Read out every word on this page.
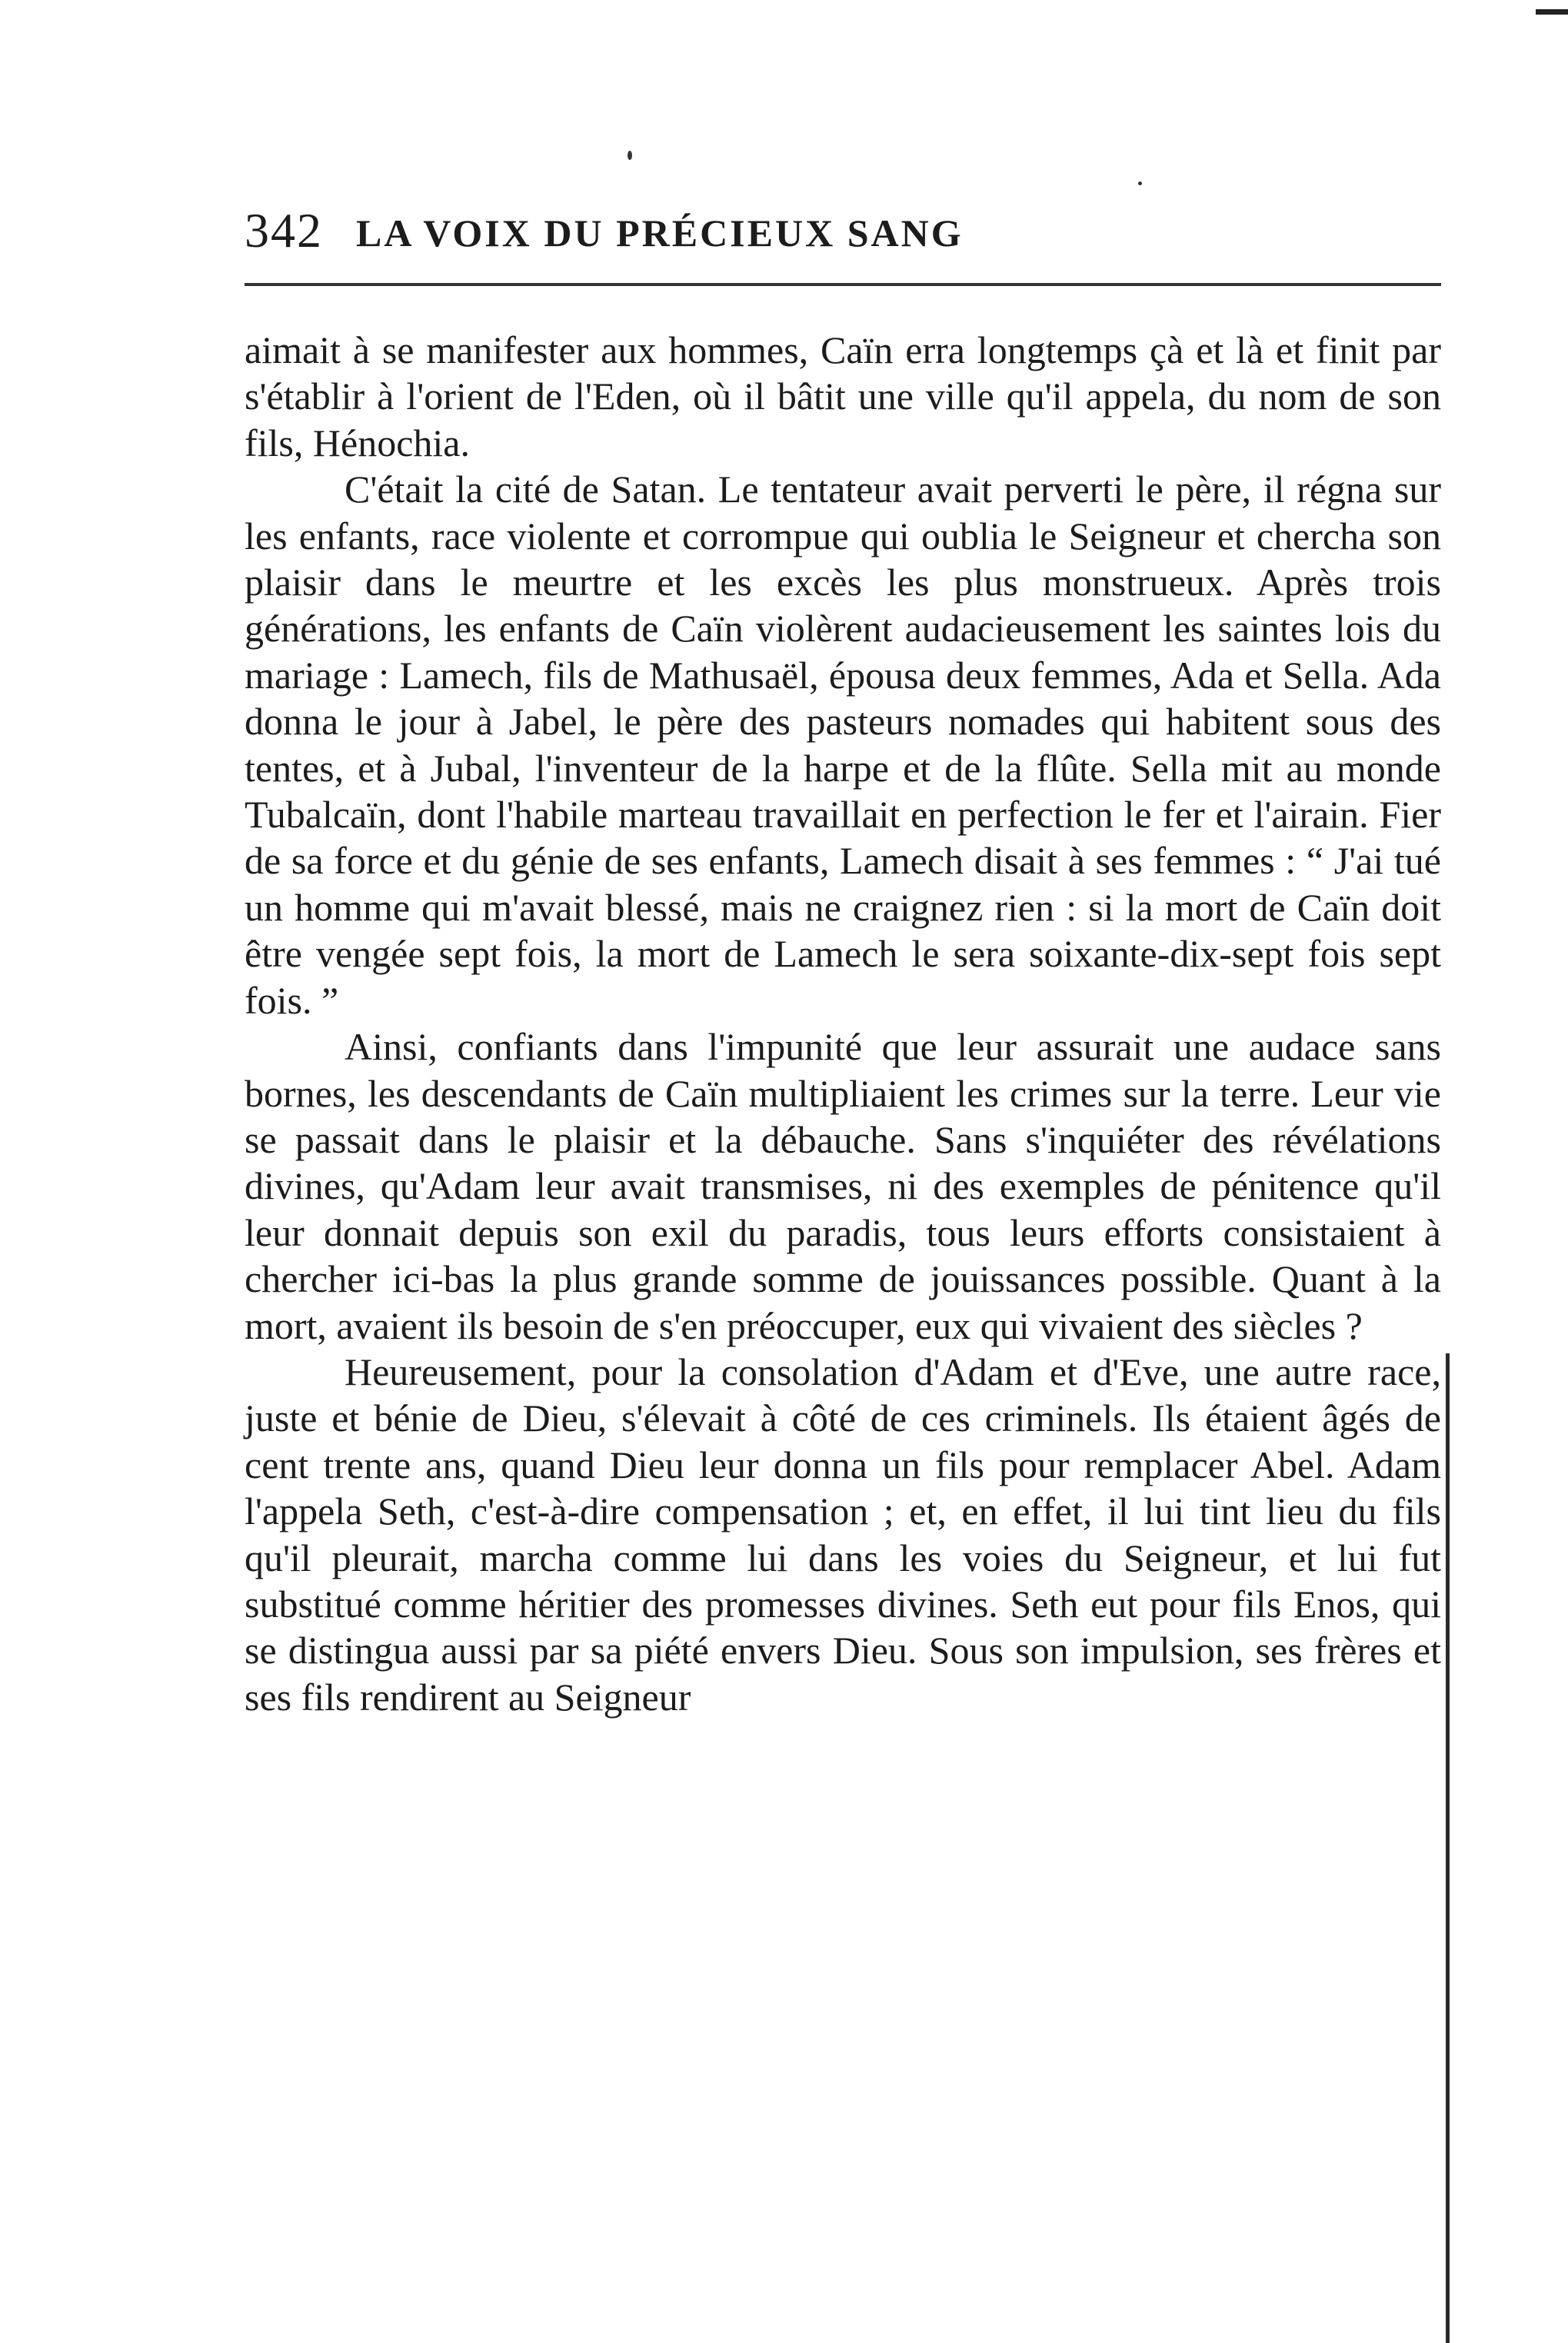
342 LA VOIX DU PRÉCIEUX SANG

aimait à se manifester aux hommes, Caïn erra longtemps çà et là et finit par s'établir à l'orient de l'Eden, où il bâtit une ville qu'il appela, du nom de son fils, Hénochia.

C'était la cité de Satan. Le tentateur avait perverti le père, il régna sur les enfants, race violente et corrompue qui oublia le Seigneur et chercha son plaisir dans le meurtre et les excès les plus monstrueux. Après trois générations, les enfants de Caïn violèrent audacieusement les saintes lois du mariage : Lamech, fils de Mathusaël, épousa deux femmes, Ada et Sella. Ada donna le jour à Jabel, le père des pasteurs nomades qui habitent sous des tentes, et à Jubal, l'inventeur de la harpe et de la flûte. Sella mit au monde Tubalcaïn, dont l'habile marteau travaillait en perfection le fer et l'airain. Fier de sa force et du génie de ses enfants, Lamech disait à ses femmes : “ J'ai tué un homme qui m'avait blessé, mais ne craignez rien : si la mort de Caïn doit être vengée sept fois, la mort de Lamech le sera soixante-dix-sept fois sept fois. ”

Ainsi, confiants dans l'impunité que leur assurait une audace sans bornes, les descendants de Caïn multipliaient les crimes sur la terre. Leur vie se passait dans le plaisir et la débauche. Sans s'inquiéter des révélations divines, qu'Adam leur avait transmises, ni des exemples de pénitence qu'il leur donnait depuis son exil du paradis, tous leurs efforts consistaient à chercher ici-bas la plus grande somme de jouissances possible. Quant à la mort, avaient ils besoin de s'en préoccuper, eux qui vivaient des siècles ?

Heureusement, pour la consolation d'Adam et d'Eve, une autre race, juste et bénie de Dieu, s'élevait à côté de ces criminels. Ils étaient âgés de cent trente ans, quand Dieu leur donna un fils pour remplacer Abel. Adam l'appela Seth, c'est-à-dire compensation ; et, en effet, il lui tint lieu du fils qu'il pleurait, marcha comme lui dans les voies du Seigneur, et lui fut substitué comme héritier des promesses divines. Seth eut pour fils Enos, qui se distingua aussi par sa piété envers Dieu. Sous son impulsion, ses frères et ses fils rendirent au Seigneur
